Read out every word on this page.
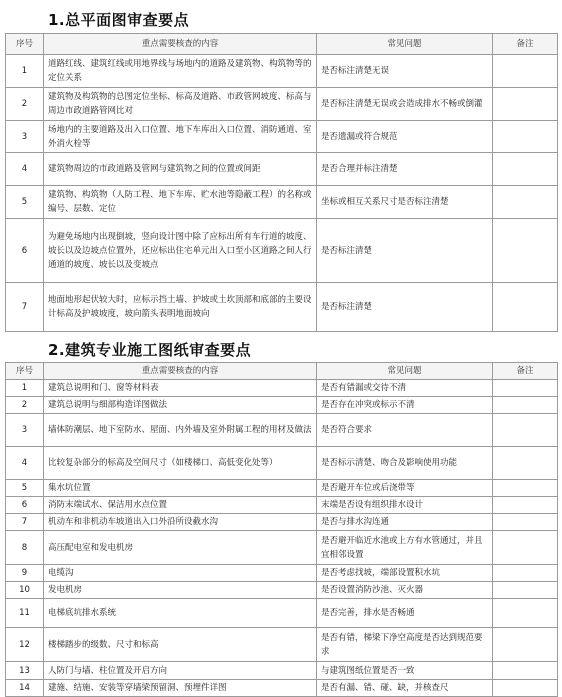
1.总平面图审查要点
序号	重点需要核查的内容	常见问题	备注
1	道路红线、建筑红线或用地界线与场地内的道路及建筑物、构筑物等的定位关系	是否标注清楚无误	
2	建筑物及构筑物的总图定位坐标、标高及道路、市政管网坡度、标高与周边市政道路管网比对	是否标注清楚无误或会造成排水不畅或倒灌	
3	场地内的主要道路及出入口位置、地下车库出入口位置、消防通道、室外消火栓等	是否遗漏或符合规范	
4	建筑物周边的市政道路及管网与建筑物之间的位置或间距	是否合理并标注清楚	
5	建筑物、构筑物（人防工程、地下车库、贮水池等隐蔽工程）的名称或编号、层数、定位	坐标或相互关系尺寸是否标注清楚	
6	为避免场地内出现倒坡，竖向设计图中除了应标出所有车行道的坡度、坡长以及边坡点位置外，还应标出住宅单元出入口至小区道路之间人行通道的坡度、坡长以及变坡点	是否标注清楚	
7	地面地形起伏较大时，应标示挡土墙、护坡或土坎顶部和底部的主要设计标高及护坡坡度，坡向箭头表明地面坡向	是否标注清楚	
2.建筑专业施工图纸审查要点
序号	重点需要核查的内容	常见问题	备注
1	建筑总说明和门、窗等材料表	是否有错漏或交待不清	
2	建筑总说明与细部构造详图做法	是否存在冲突或标示不清	
3	墙体防潮层、地下室防水、屋面、内外墙及室外附属工程的用材及做法	是否符合要求	
4	比较复杂部分的标高及空间尺寸（如楼梯口、高低变化处等）	是否标示清楚、吻合及影响使用功能	
5	集水坑位置	是否避开车位或后浇带等	
6	消防末端试水、保洁用水点位置	末端是否设有组织排水设计	
7	机动车和非机动车坡道出入口外沿所设截水沟	是否与排水沟连通	
8	高压配电室和发电机房	是否避开临近水池或上方有水管通过，并且宜相邻设置	
9	电缆沟	是否考虑找坡，端部设置积水坑	
10	发电机房	是否设置消防沙池、灭火器	
11	电梯底坑排水系统	是否完善，排水是否畅通	
12	楼梯踏步的级数、尺寸和标高	是否有错，梯梁下净空高度是否达到规范要求	
13	人防门与墙、柱位置及开启方向	与建筑图纸位置是否一致	
14	建施、结施、安装等穿墙梁预留洞、预埋件详图	是否有漏、错、碰、缺，并核查尺	
